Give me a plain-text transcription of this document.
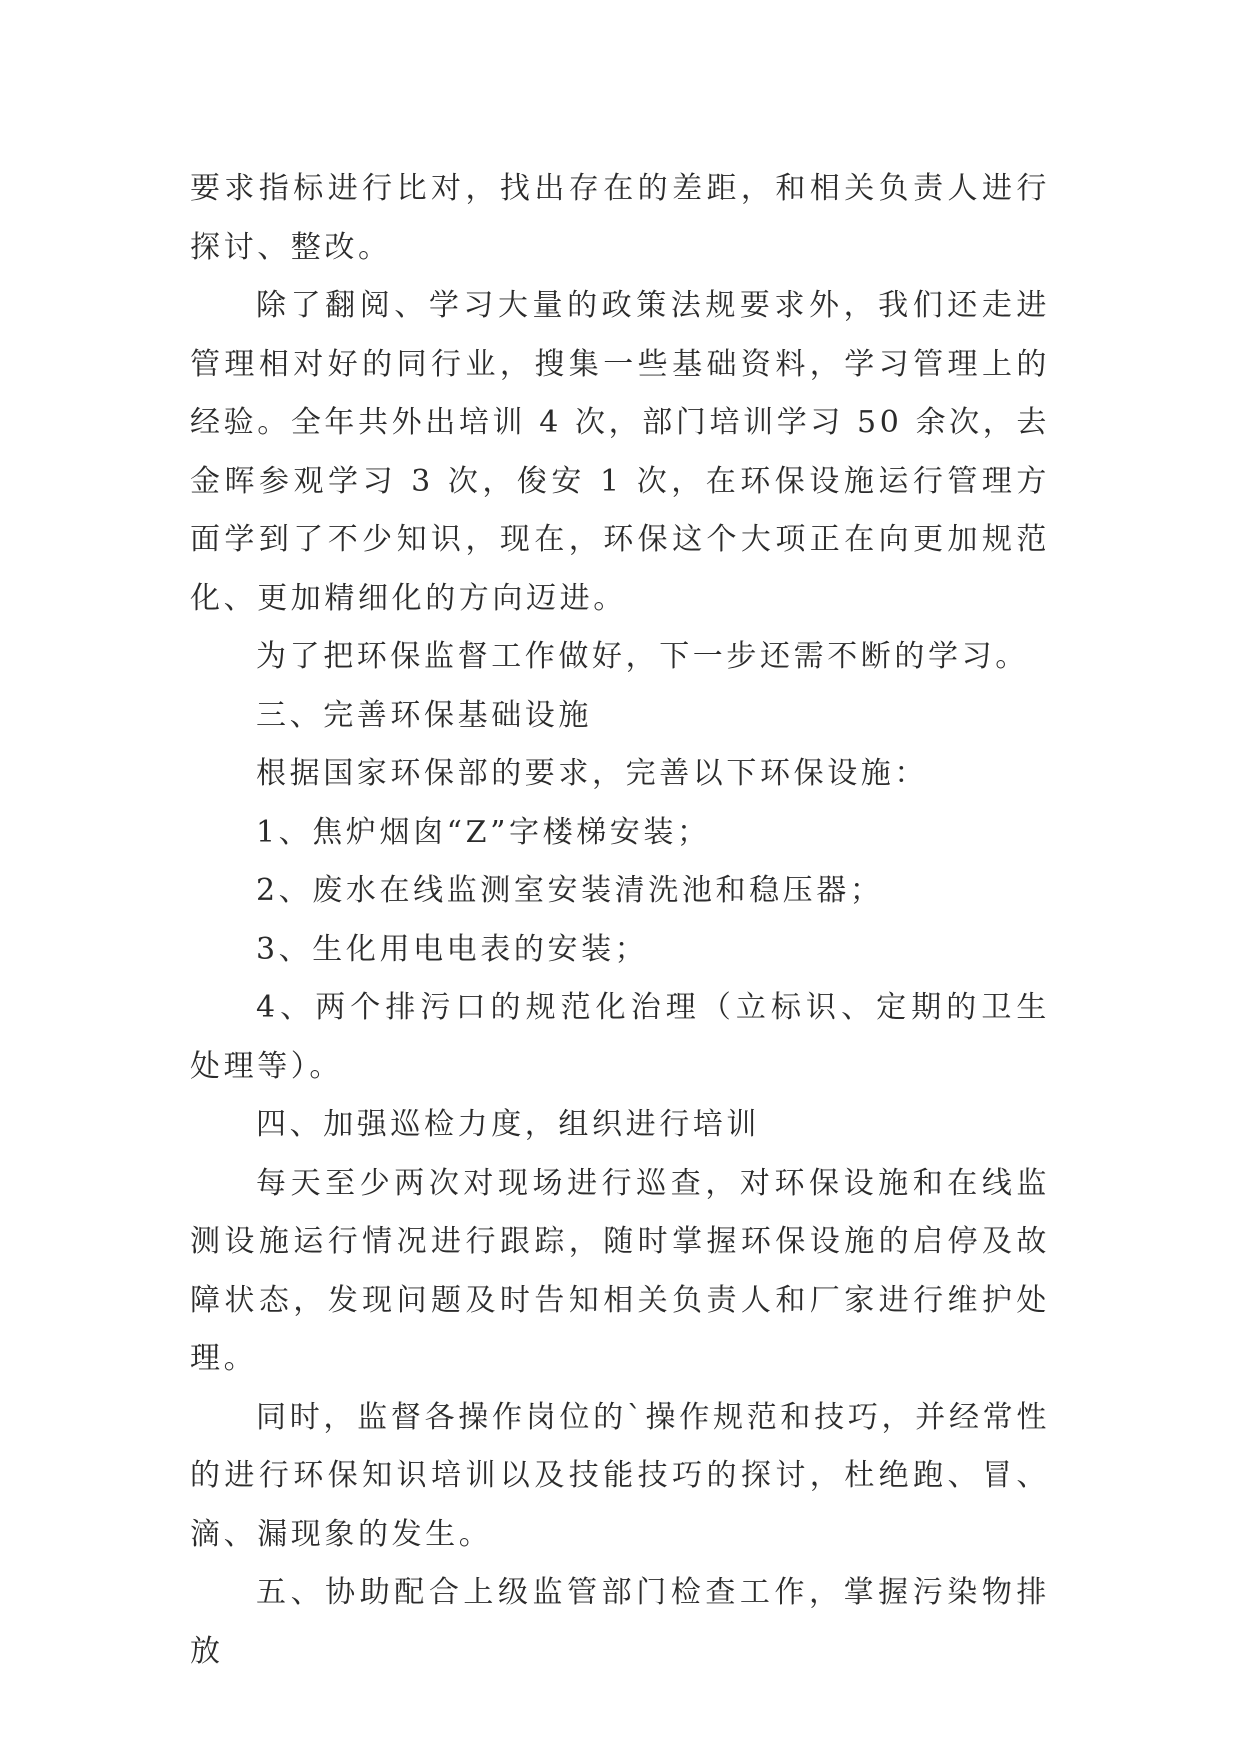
要求指标进行比对，找出存在的差距，和相关负责人进行探讨、整改。

除了翻阅、学习大量的政策法规要求外，我们还走进管理相对好的同行业，搜集一些基础资料，学习管理上的经验。全年共外出培训 4 次，部门培训学习 50 余次，去金晖参观学习 3 次，俊安 1 次，在环保设施运行管理方面学到了不少知识，现在，环保这个大项正在向更加规范化、更加精细化的方向迈进。

为了把环保监督工作做好，下一步还需不断的学习。

三、完善环保基础设施

根据国家环保部的要求，完善以下环保设施：

1、焦炉烟囱“Z”字楼梯安装；

2、废水在线监测室安装清洗池和稳压器；

3、生化用电电表的安装；

4、两个排污口的规范化治理（立标识、定期的卫生处理等）。

四、加强巡检力度，组织进行培训

每天至少两次对现场进行巡查，对环保设施和在线监测设施运行情况进行跟踪，随时掌握环保设施的启停及故障状态，发现问题及时告知相关负责人和厂家进行维护处理。

同时，监督各操作岗位的`操作规范和技巧，并经常性的进行环保知识培训以及技能技巧的探讨，杜绝跑、冒、滴、漏现象的发生。

五、协助配合上级监管部门检查工作，掌握污染物排放
